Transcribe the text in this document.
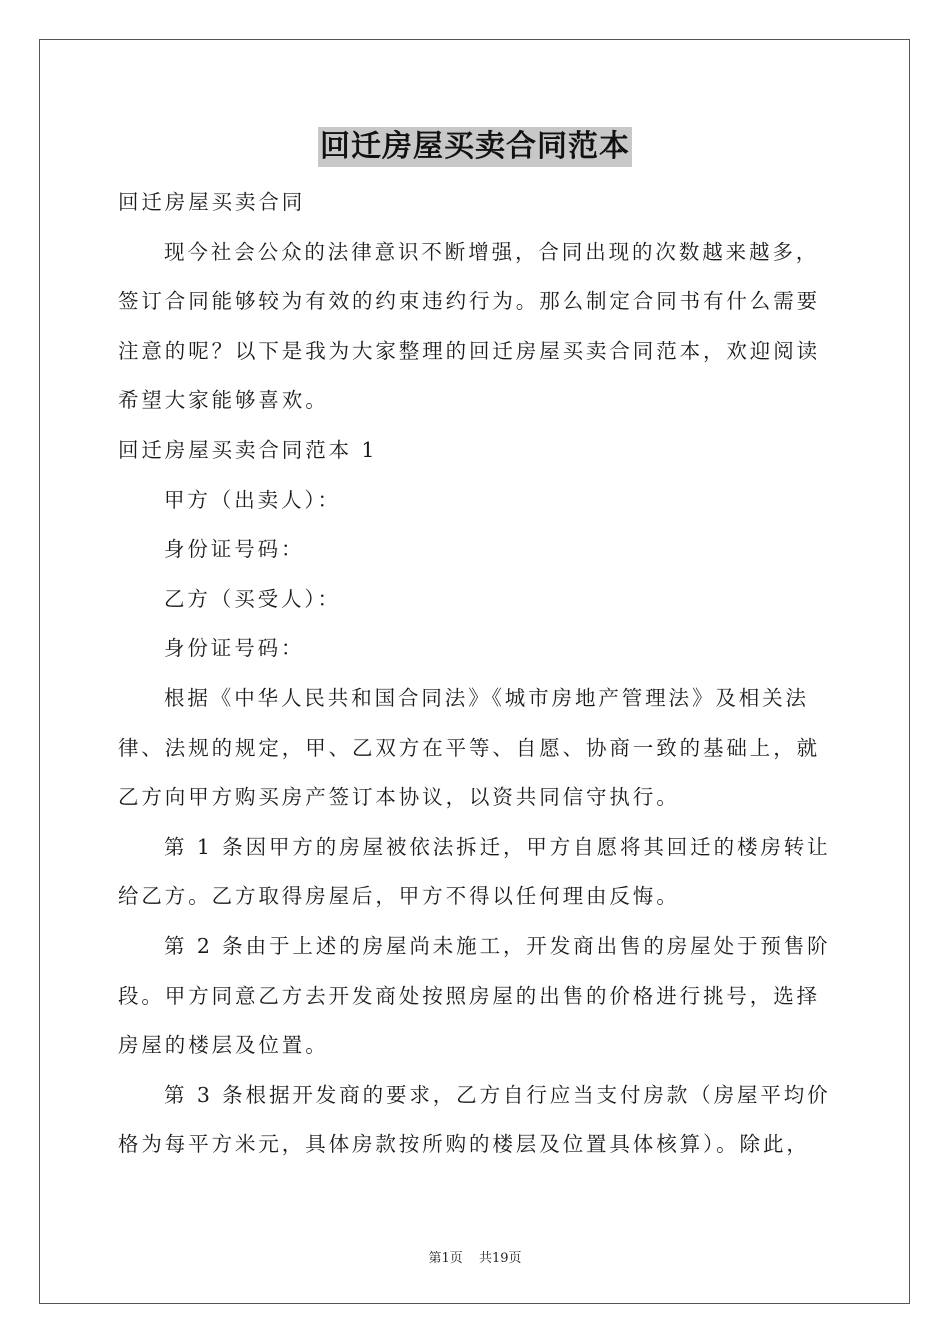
回迁房屋买卖合同范本

回迁房屋买卖合同

现今社会公众的法律意识不断增强，合同出现的次数越来越多，

签订合同能够较为有效的约束违约行为。那么制定合同书有什么需要

注意的呢？以下是我为大家整理的回迁房屋买卖合同范本，欢迎阅读

希望大家能够喜欢。

回迁房屋买卖合同范本 1

甲方（出卖人）：

身份证号码：

乙方（买受人）：

身份证号码：

根据《中华人民共和国合同法》《城市房地产管理法》及相关法

律、法规的规定，甲、乙双方在平等、自愿、协商一致的基础上，就

乙方向甲方购买房产签订本协议，以资共同信守执行。

第 1 条因甲方的房屋被依法拆迁，甲方自愿将其回迁的楼房转让

给乙方。乙方取得房屋后，甲方不得以任何理由反悔。

第 2 条由于上述的房屋尚未施工，开发商出售的房屋处于预售阶

段。甲方同意乙方去开发商处按照房屋的出售的价格进行挑号，选择

房屋的楼层及位置。

第 3 条根据开发商的要求，乙方自行应当支付房款（房屋平均价

格为每平方米元，具体房款按所购的楼层及位置具体核算）。除此，

第1页 共19页
